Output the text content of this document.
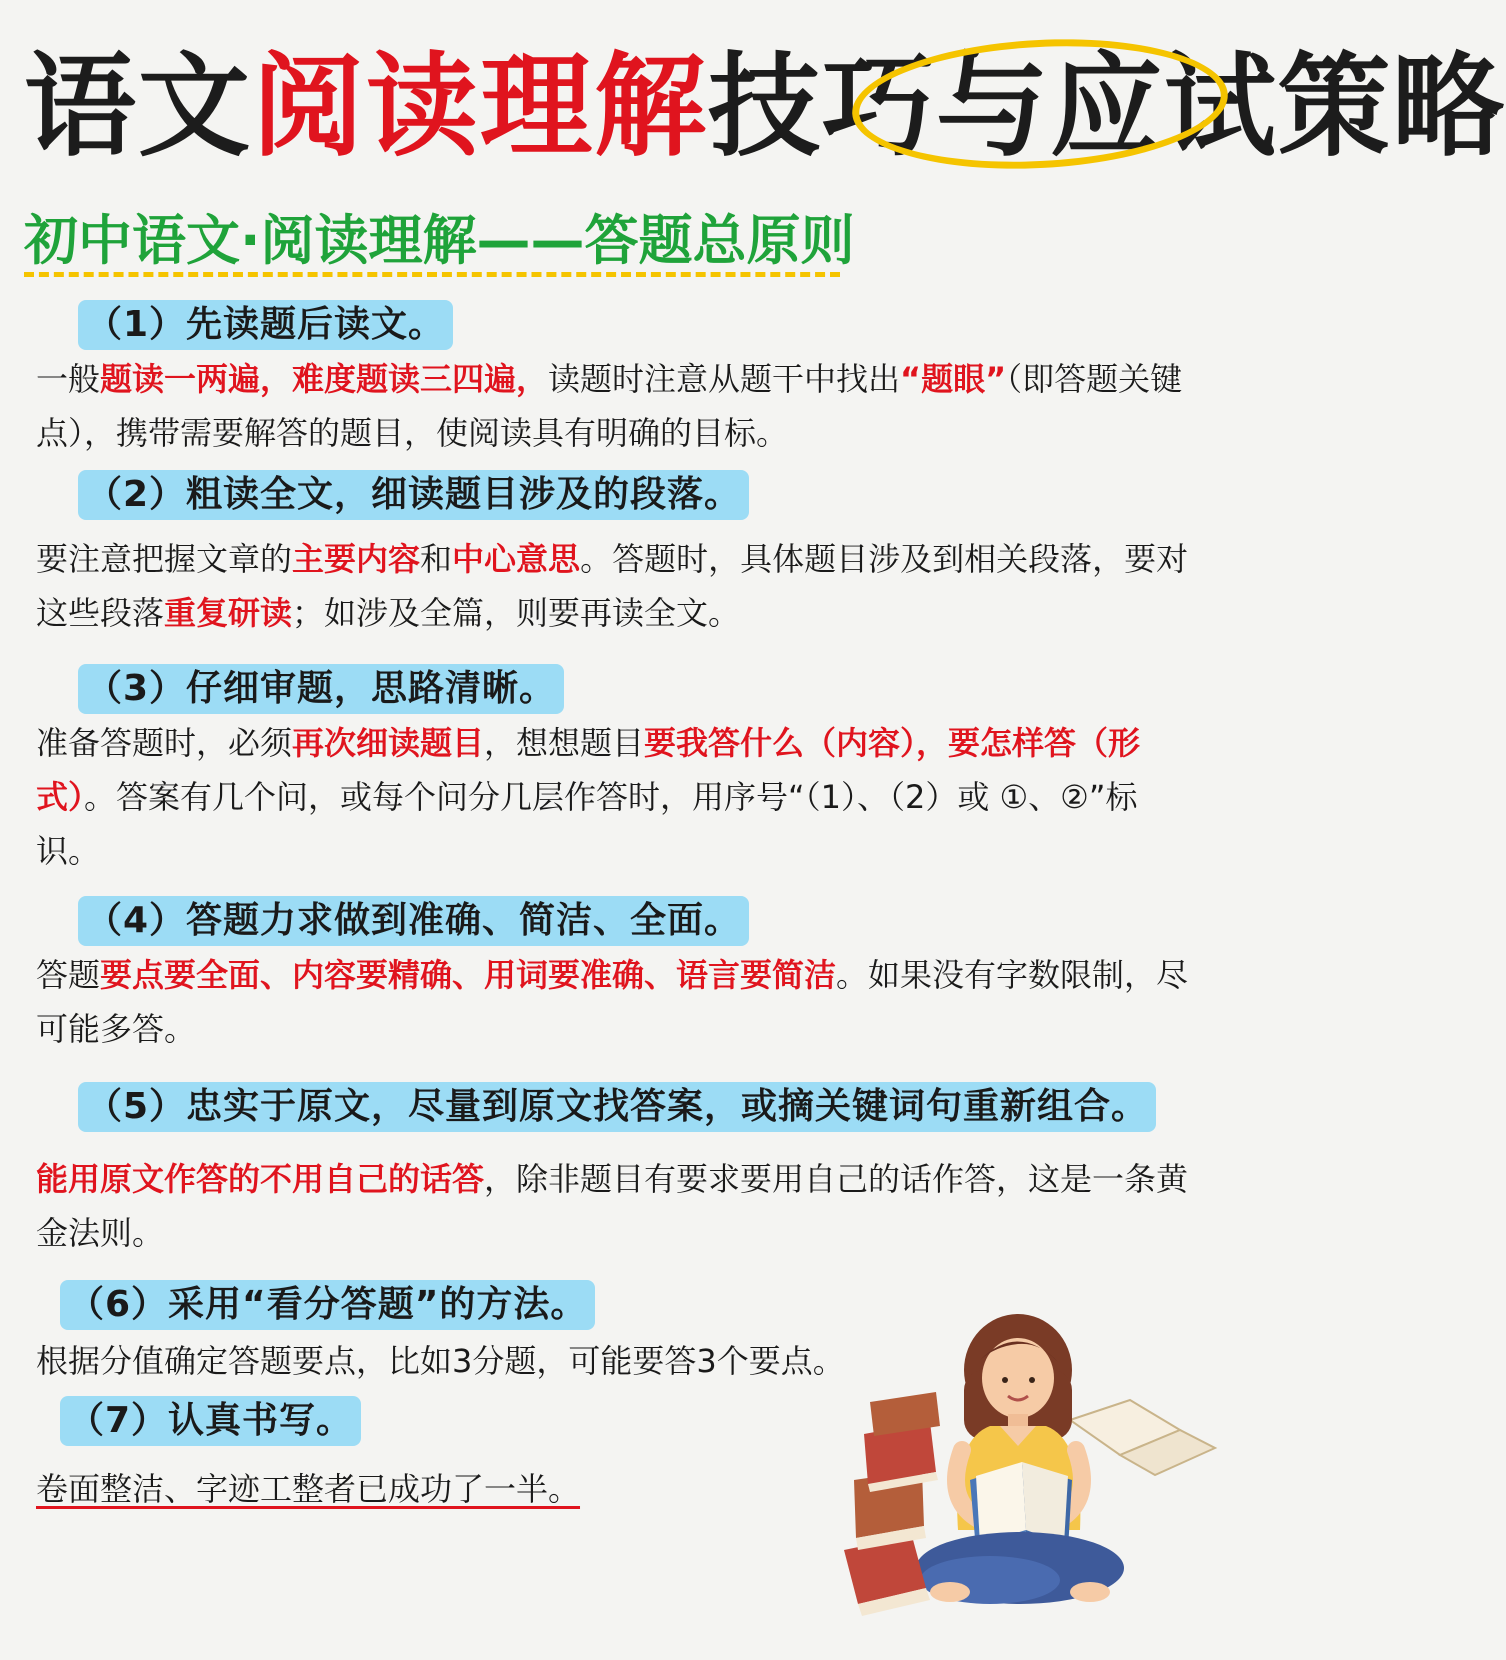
语文阅读理解技巧与应试策略
初中语文·阅读理解——答题总原则
（1）先读题后读文。

一般题读一两遍，难度题读三四遍，读题时注意从题干中找出“题眼”（即答题关键点），携带需要解答的题目，使阅读具有明确的目标。

（2）粗读全文，细读题目涉及的段落。

要注意把握文章的主要内容和中心意思。答题时，具体题目涉及到相关段落，要对这些段落重复研读；如涉及全篇，则要再读全文。

（3）仔细审题，思路清晰。

准备答题时，必须再次细读题目，想想题目要我答什么（内容），要怎样答（形式）。答案有几个问，或每个问分几层作答时，用序号“（1）、（2）或 ①、②”标识。

（4）答题力求做到准确、简洁、全面。

答题要点要全面、内容要精确、用词要准确、语言要简洁。如果没有字数限制，尽可能多答。

（5）忠实于原文，尽量到原文找答案，或摘关键词句重新组合。

能用原文作答的不用自己的话答，除非题目有要求要用自己的话作答，这是一条黄金法则。

（6）采用“看分答题”的方法。

根据分值确定答题要点，比如3分题，可能要答3个要点。

（7）认真书写。

卷面整洁、字迹工整者已成功了一半。
